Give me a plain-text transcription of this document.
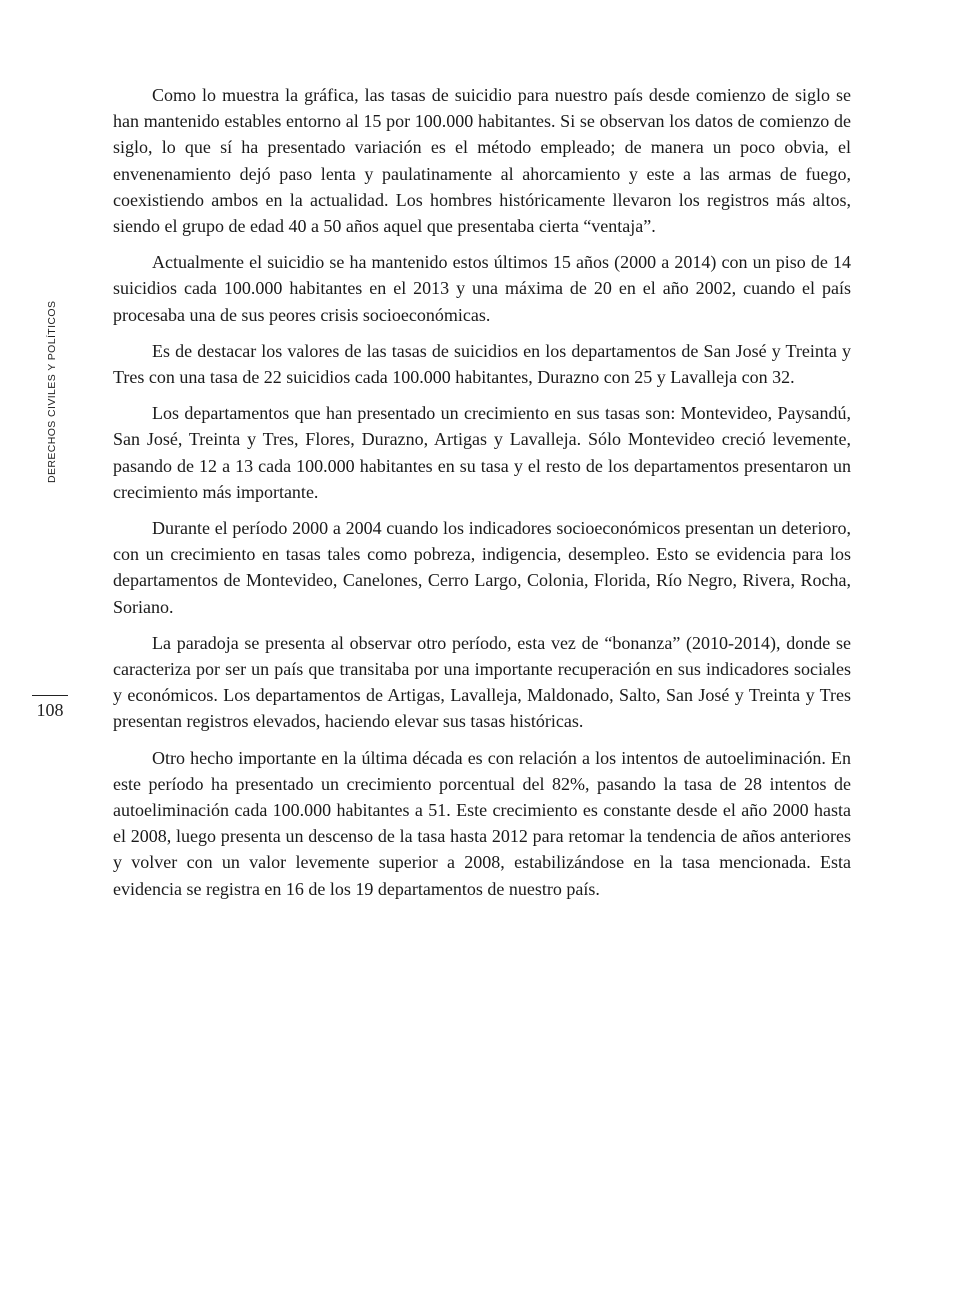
DERECHOS CIVILES Y POLÍTICOS
108

Como lo muestra la gráfica, las tasas de suicidio para nuestro país desde comienzo de siglo se han mantenido estables entorno al 15 por 100.000 habitantes. Si se observan los datos de comienzo de siglo, lo que sí ha presentado variación es el método empleado; de manera un poco obvia, el envenenamiento dejó paso lenta y paulatinamente al ahorcamiento y este a las armas de fuego, coexistiendo ambos en la actualidad. Los hombres históricamente llevaron los registros más altos, siendo el grupo de edad 40 a 50 años aquel que presentaba cierta “ventaja”.

Actualmente el suicidio se ha mantenido estos últimos 15 años (2000 a 2014) con un piso de 14 suicidios cada 100.000 habitantes en el 2013 y una máxima de 20 en el año 2002, cuando el país procesaba una de sus peores crisis socioeconómicas.

Es de destacar los valores de las tasas de suicidios en los departamentos de San José y Treinta y Tres con una tasa de 22 suicidios cada 100.000 habitantes, Durazno con 25 y Lavalleja con 32.

Los departamentos que han presentado un crecimiento en sus tasas son: Montevideo, Paysandú, San José, Treinta y Tres, Flores, Durazno, Artigas y Lavalleja. Sólo Montevideo creció levemente, pasando de 12 a 13 cada 100.000 habitantes en su tasa y el resto de los departamentos presentaron un crecimiento más importante.

Durante el período 2000 a 2004 cuando los indicadores socioeconómicos presentan un deterioro, con un crecimiento en tasas tales como pobreza, indigencia, desempleo. Esto se evidencia para los departamentos de Montevideo, Canelones, Cerro Largo, Colonia, Florida, Río Negro, Rivera, Rocha, Soriano.

La paradoja se presenta al observar otro período, esta vez de “bonanza” (2010-2014), donde se caracteriza por ser un país que transitaba por una importante recuperación en sus indicadores sociales y económicos. Los departamentos de Artigas, Lavalleja, Maldonado, Salto, San José y Treinta y Tres presentan registros elevados, haciendo elevar sus tasas históricas.

Otro hecho importante en la última década es con relación a los intentos de autoeliminación. En este período ha presentado un crecimiento porcentual del 82%, pasando la tasa de 28 intentos de autoeliminación cada 100.000 habitantes a 51. Este crecimiento es constante desde el año 2000 hasta el 2008, luego presenta un descenso de la tasa hasta 2012 para retomar la tendencia de años anteriores y volver con un valor levemente superior a 2008, estabilizándose en la tasa mencionada. Esta evidencia se registra en 16 de los 19 departamentos de nuestro país.
